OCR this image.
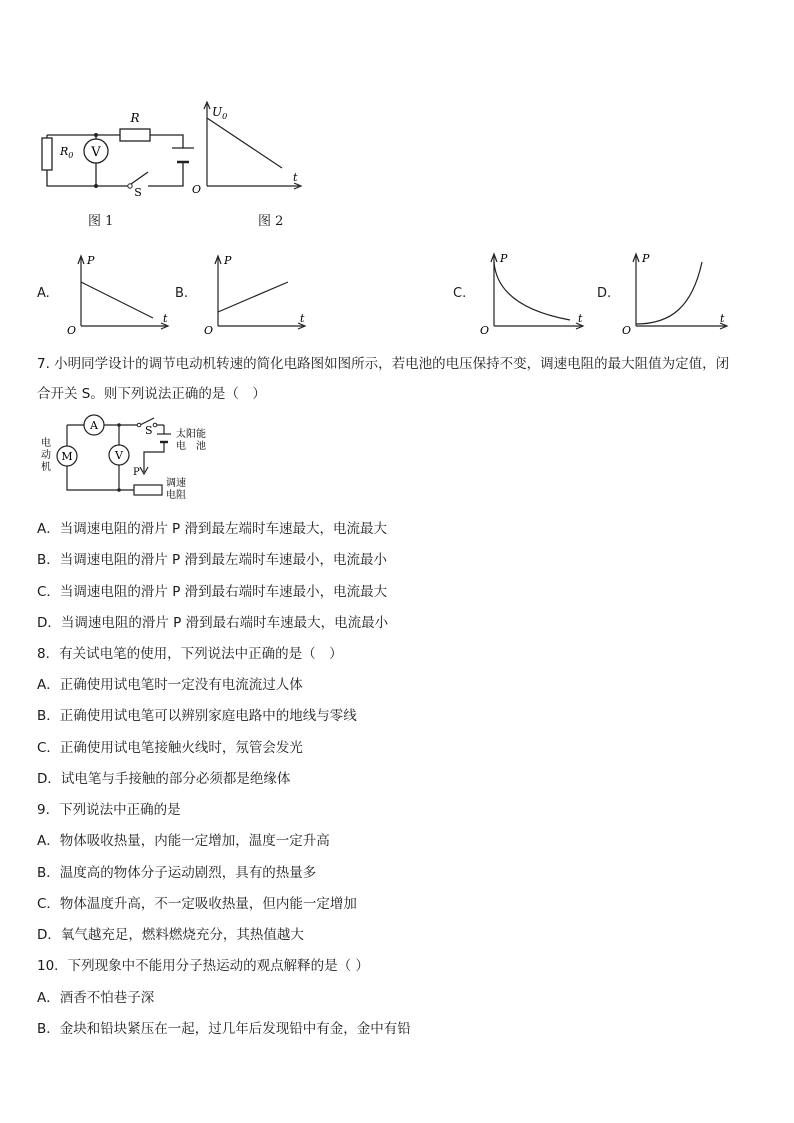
V
$R_0$
R
S
$U_0$
t
O
图 1	图 2
A.
P
t
O
B.
P
t
O
C.
P
t
O
D.
P
t
O
7. 小明同学设计的调节电动机转速的简化电路图如图所示，若电池的电压保持不变，调速电阻的最大阻值为定值，闭
合开关 S。则下列说法正确的是（　）
A
M	V
电
动
机
S 太阳能
电　池
P
调速
电阻
A．当调速电阻的滑片 P 滑到最左端时车速最大，电流最大
B．当调速电阻的滑片 P 滑到最左端时车速最小，电流最小
C．当调速电阻的滑片 P 滑到最右端时车速最小，电流最大
D．当调速电阻的滑片 P 滑到最右端时车速最大，电流最小
8．有关试电笔的使用，下列说法中正确的是（　）
A．正确使用试电笔时一定没有电流流过人体
B．正确使用试电笔可以辨别家庭电路中的地线与零线
C．正确使用试电笔接触火线时，氖管会发光
D．试电笔与手接触的部分必须都是绝缘体
9．下列说法中正确的是
A．物体吸收热量，内能一定增加，温度一定升高
B．温度高的物体分子运动剧烈，具有的热量多
C．物体温度升高，不一定吸收热量，但内能一定增加
D．氧气越充足，燃料燃烧充分，其热值越大
10．下列现象中不能用分子热运动的观点解释的是（ ）
A．酒香不怕巷子深
B．金块和铅块紧压在一起，过几年后发现铅中有金，金中有铅
